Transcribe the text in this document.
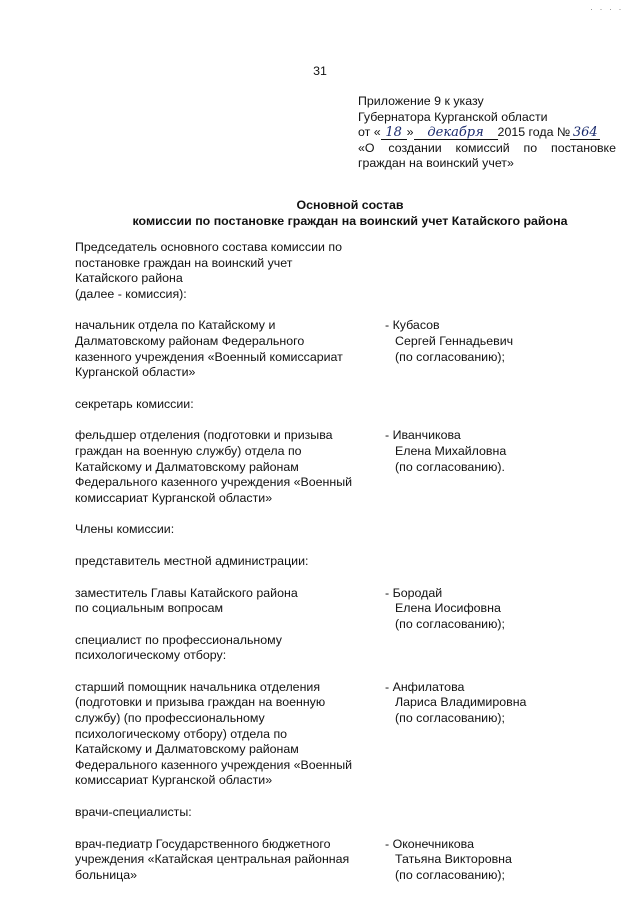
· · · ·
31
Приложение 9 к указу
Губернатора Курганской области
от « 18 » декабря 2015 года № 364
«О создании комиссий по постановке
граждан на воинский учет»
Основной состав
комиссии по постановке граждан на воинский учет Катайского района
Председатель основного состава комиссии по
постановке граждан на воинский учет
Катайского района
(далее - комиссия):
начальник отдела по Катайскому и
Далматовскому районам Федерального
казенного учреждения «Военный комиссариат
Курганской области»
- Кубасов
Сергей Геннадьевич
(по согласованию);
секретарь комиссии:
фельдшер отделения (подготовки и призыва
граждан на военную службу) отдела по
Катайскому и Далматовскому районам
Федерального казенного учреждения «Военный
комиссариат Курганской области»
- Иванчикова
Елена Михайловна
(по согласованию).
Члены комиссии:
представитель местной администрации:
заместитель Главы Катайского района
по социальным вопросам
- Бородай
Елена Иосифовна
(по согласованию);
специалист по профессиональному
психологическому отбору:
старший помощник начальника отделения
(подготовки и призыва граждан на военную
службу) (по профессиональному
психологическому отбору) отдела по
Катайскому и Далматовскому районам
Федерального казенного учреждения «Военный
комиссариат Курганской области»
- Анфилатова
Лариса Владимировна
(по согласованию);
врачи-специалисты:
врач-педиатр Государственного бюджетного
учреждения «Катайская центральная районная
больница»
- Оконечникова
Татьяна Викторовна
(по согласованию);
